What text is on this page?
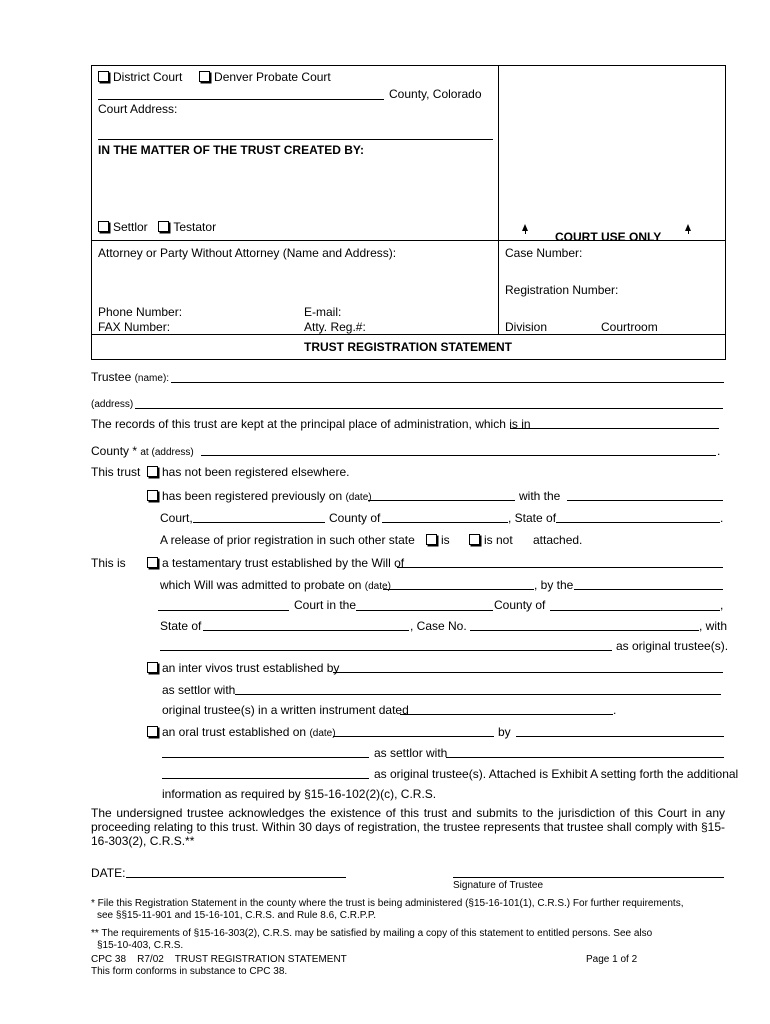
District Court	Denver Probate Court
County, Colorado
Court Address:
IN THE MATTER OF THE TRUST CREATED BY:
Settlor Testator
COURT USE ONLY
Attorney or Party Without Attorney (Name and Address):	Case Number:
Registration Number:
Phone Number:	E-mail:
FAX Number:	Atty. Reg.#:	Division	Courtroom
TRUST REGISTRATION STATEMENT
Trustee (name):
(address)
The records of this trust are kept at the principal place of administration, which is in
County * at (address)	.
This trust	has not been registered elsewhere.
has been registered previously on (date)	with the
Court,	County of	, State of	.
A release of prior registration in such other state	is	is not attached.
This is	a testamentary trust established by the Will of
which Will was admitted to probate on (date)	, by the
Court in the	County of	,
State of	, Case No.	, with
as original trustee(s).
an inter vivos trust established by
as settlor with
original trustee(s) in a written instrument dated	.
an oral trust established on (date)	by
as settlor with
as original trustee(s). Attached is Exhibit A setting forth the additional
information as required by §15-16-102(2)(c), C.R.S.
The undersigned trustee acknowledges the existence of this trust and submits to the jurisdiction of this Court in any proceeding relating to this trust. Within 30 days of registration, the trustee represents that trustee shall comply with §15-16-303(2), C.R.S.**
DATE:
Signature of Trustee
* File this Registration Statement in the county where the trust is being administered (§15-16-101(1), C.R.S.) For further requirements,
see §§15-11-901 and 15-16-101, C.R.S. and Rule 8.6, C.R.P.P.
** The requirements of §15-16-303(2), C.R.S. may be satisfied by mailing a copy of this statement to entitled persons. See also
§15-10-403, C.R.S.
CPC 38    R7/02    TRUST REGISTRATION STATEMENT	Page 1 of 2
This form conforms in substance to CPC 38.
